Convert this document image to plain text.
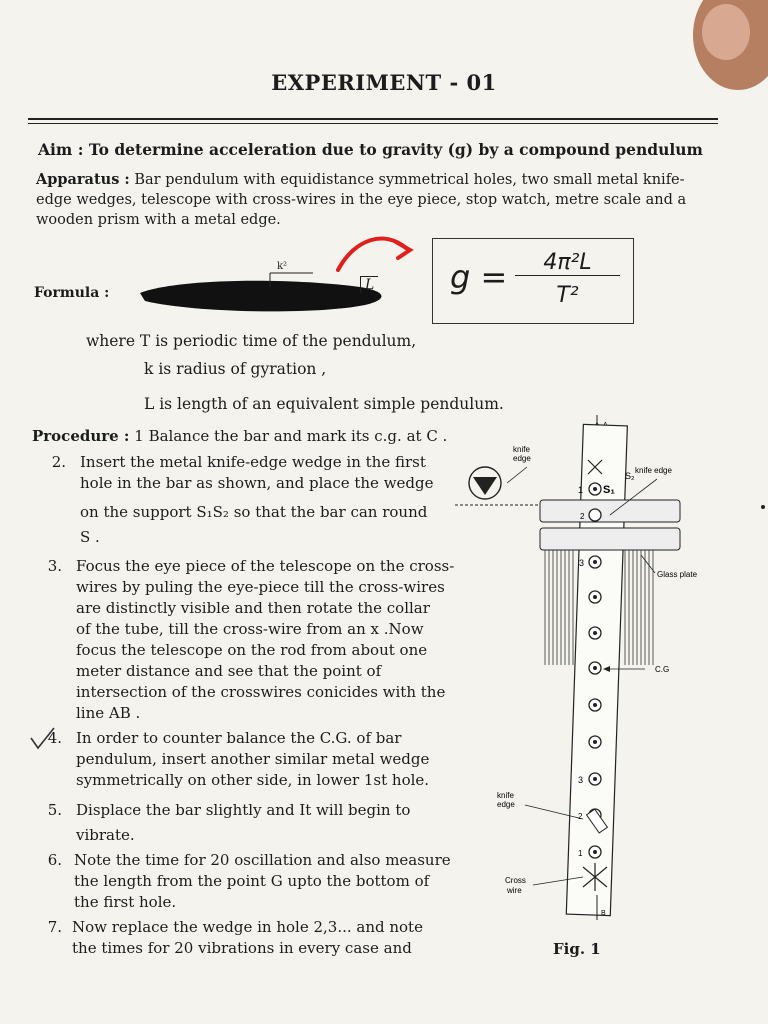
EXPERIMENT - 01
Aim : To determine acceleration due to gravity (g) by a compound pendulum
Apparatus : Bar pendulum with equidistance symmetrical holes, two small metal knife-
edge wedges, telescope with cross-wires in the eye piece, stop watch, metre scale and a
wooden prism with a metal edge.
Formula :
k²
L g =	4π²L
T²
where T is periodic time of the pendulum,
k is radius of gyration ,
L is length of an equivalent simple pendulum.
Procedure : 1 Balance the bar and mark its c.g. at C .
2. Insert the metal knife-edge wedge in the first
hole in the bar as shown, and place the wedge
on the support S₁S₂ so that the bar can round
S .
3. Focus the eye piece of the telescope on the cross-
wires by puling the eye-piece till the cross-wires
are distinctly visible and then rotate the collar
of the tube, till the cross-wire from an x .Now
focus the telescope on the rod from about one
meter distance and see that the point of
intersection of the crosswires conicides with the
line AB .
4. In order to counter balance the C.G. of bar
pendulum, insert another similar metal wedge
symmetrically on other side, in lower 1st hole.
5. Displace the bar slightly and It will begin to
vibrate.
6. Note the time for 20 oscillation and also measure
the length from the point G upto the bottom of
the first hole.
7. Now replace the wedge in hole 2,3... and note
the times for 20 vibrations in every case and
B
1
2
3
3
2
1
S₁
S₂
knife
edge
knife edge
Glass plate
C.G
knife
edge
Cross
wire
Fig. 1
